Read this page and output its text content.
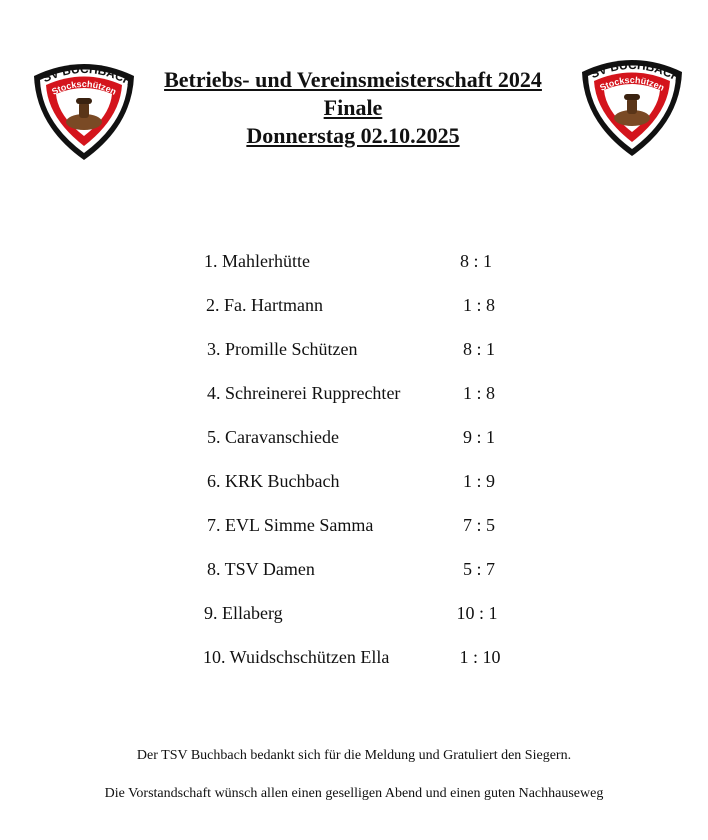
SV BUCHBACH
Stockschützen
SV BUCHBACH
Stockschützen
Betriebs- und Vereinsmeisterschaft 2024
Finale
Donnerstag 02.10.2025
1. Mahlerhütte	8 : 1
2. Fa. Hartmann	1 : 8
3. Promille Schützen	8 : 1
4. Schreinerei Rupprechter	1 : 8
5. Caravanschiede	9 : 1
6. KRK Buchbach	1 : 9
7. EVL Simme Samma	7 : 5
8. TSV Damen	5 : 7
9. Ellaberg	10 : 1
10. Wuidschschützen Ella	1 : 10
Der TSV Buchbach bedankt sich für die Meldung und Gratuliert den Siegern.
Die Vorstandschaft wünsch allen einen geselligen Abend und einen guten Nachhauseweg
